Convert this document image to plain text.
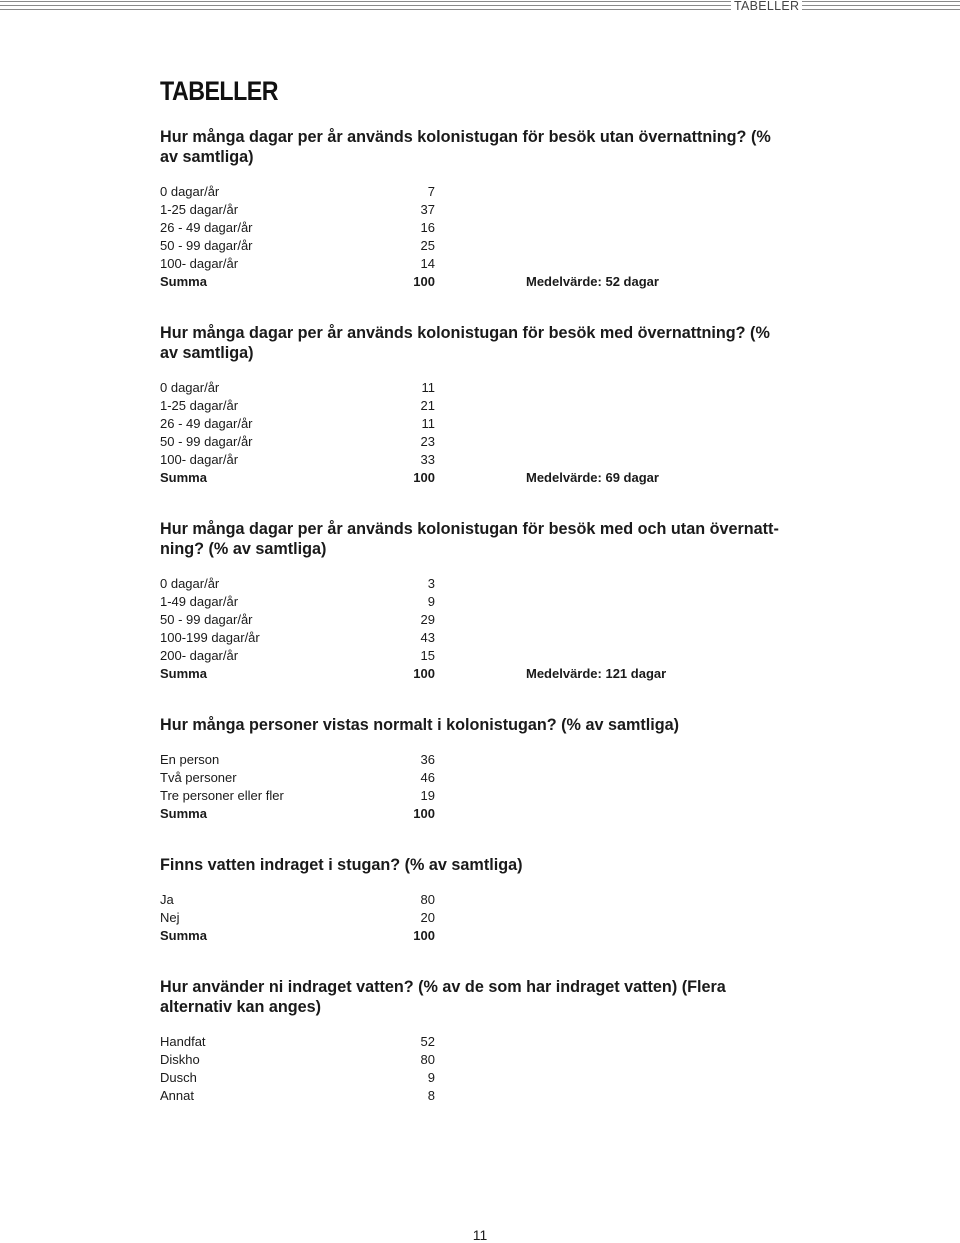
TABELLER
TABELLER

Hur många dagar per år används kolonistugan för besök utan övernattning? (% av samtliga)

0 dagar/år	7
1-25 dagar/år	37
26 - 49 dagar/år	16
50 - 99 dagar/år	25
100- dagar/år	14
Summa	100	Medelvärde: 52 dagar

Hur många dagar per år används kolonistugan för besök med övernattning? (% av samtliga)

0 dagar/år	11
1-25 dagar/år	21
26 - 49 dagar/år	11
50 - 99 dagar/år	23
100- dagar/år	33
Summa	100	Medelvärde: 69 dagar

Hur många dagar per år används kolonistugan för besök med och utan övernatt-ning? (% av samtliga)

0 dagar/år	3
1-49 dagar/år	9
50 - 99 dagar/år	29
100-199 dagar/år	43
200- dagar/år	15
Summa	100	Medelvärde: 121 dagar

Hur många personer vistas normalt i kolonistugan? (% av samtliga)

En person	36
Två personer	46
Tre personer eller fler	19
Summa	100

Finns vatten indraget i stugan? (% av samtliga)

Ja	80
Nej	20
Summa	100

Hur använder ni indraget vatten? (% av de som har indraget vatten) (Flera alternativ kan anges)

Handfat	52
Diskho	80
Dusch	9
Annat	8
11
